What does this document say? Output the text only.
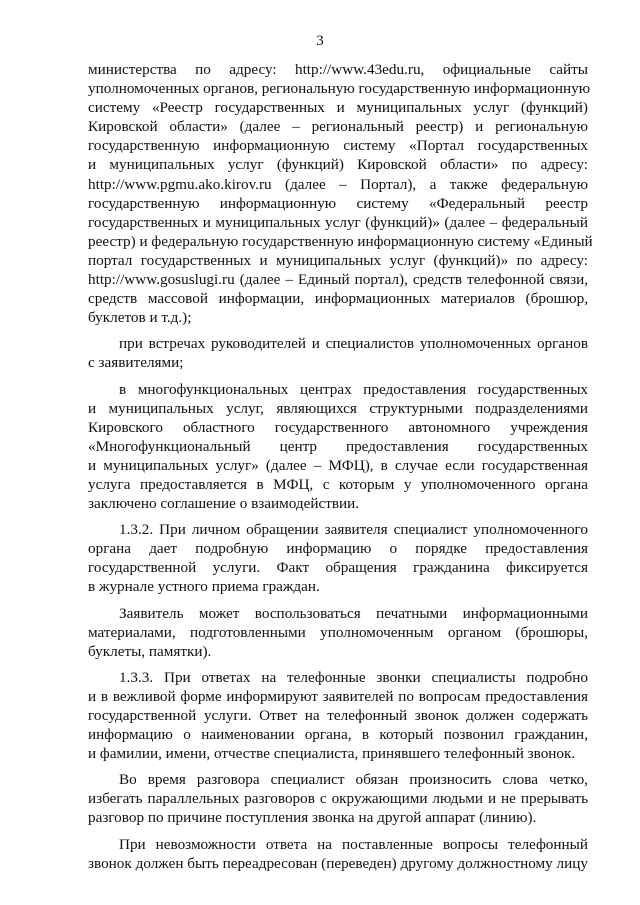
3
министерства по адресу: http://www.43edu.ru, официальные сайты
уполномоченных органов, региональную государственную информационную
систему «Реестр государственных и муниципальных услуг (функций)
Кировской области» (далее – региональный реестр) и региональную
государственную информационную систему «Портал государственных
и муниципальных услуг (функций) Кировской области» по адресу:
http://www.pgmu.ako.kirov.ru (далее – Портал), а также федеральную
государственную информационную систему «Федеральный реестр
государственных и муниципальных услуг (функций)» (далее – федеральный
реестр) и федеральную государственную информационную систему «Единый
портал государственных и муниципальных услуг (функций)» по адресу:
http://www.gosuslugi.ru (далее – Единый портал), средств телефонной связи,
средств массовой информации, информационных материалов (брошюр,
буклетов и т.д.);
при встречах руководителей и специалистов уполномоченных органов
с заявителями;
в многофункциональных центрах предоставления государственных
и муниципальных услуг, являющихся структурными подразделениями
Кировского областного государственного автономного учреждения
«Многофункциональный центр предоставления государственных
и муниципальных услуг» (далее – МФЦ), в случае если государственная
услуга предоставляется в МФЦ, с которым у уполномоченного органа
заключено соглашение о взаимодействии.
1.3.2. При личном обращении заявителя специалист уполномоченного
органа дает подробную информацию о порядке предоставления
государственной услуги. Факт обращения гражданина фиксируется
в журнале устного приема граждан.
Заявитель может воспользоваться печатными информационными
материалами, подготовленными уполномоченным органом (брошюры,
буклеты, памятки).
1.3.3. При ответах на телефонные звонки специалисты подробно
и в вежливой форме информируют заявителей по вопросам предоставления
государственной услуги. Ответ на телефонный звонок должен содержать
информацию о наименовании органа, в который позвонил гражданин,
и фамилии, имени, отчестве специалиста, принявшего телефонный звонок.
Во время разговора специалист обязан произносить слова четко,
избегать параллельных разговоров с окружающими людьми и не прерывать
разговор по причине поступления звонка на другой аппарат (линию).
При невозможности ответа на поставленные вопросы телефонный
звонок должен быть переадресован (переведен) другому должностному лицу
